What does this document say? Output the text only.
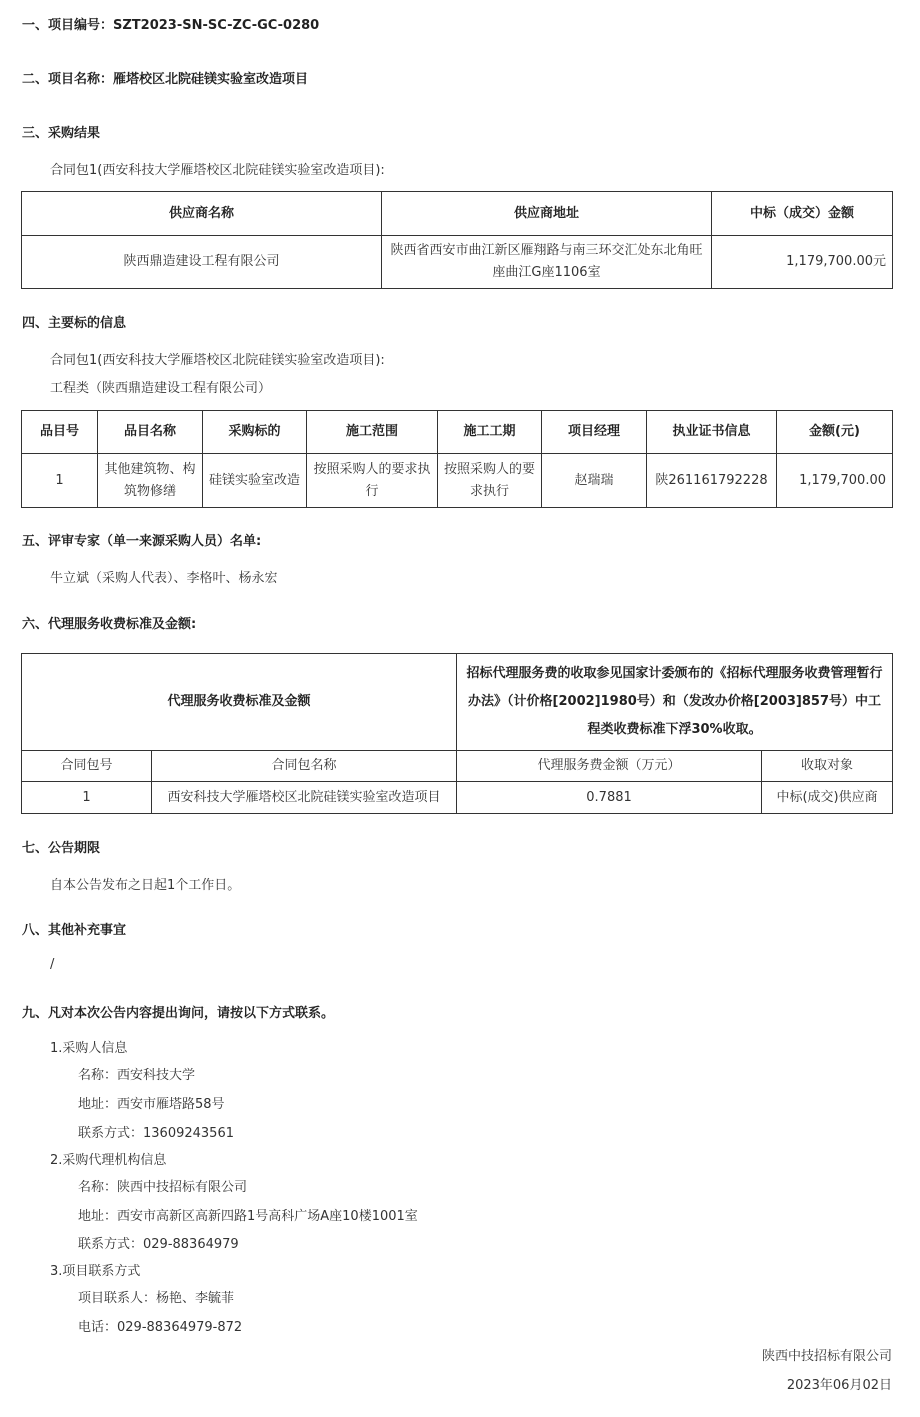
一、项目编号：SZT2023-SN-SC-ZC-GC-0280
二、项目名称：雁塔校区北院硅镁实验室改造项目
三、采购结果
合同包1(西安科技大学雁塔校区北院硅镁实验室改造项目):
供应商名称	供应商地址	中标（成交）金额
陕西鼎造建设工程有限公司	陕西省西安市曲江新区雁翔路与南三环交汇处东北角旺座曲江G座1106室	1,179,700.00元
四、主要标的信息
合同包1(西安科技大学雁塔校区北院硅镁实验室改造项目):
工程类（陕西鼎造建设工程有限公司）
品目号	品目名称	采购标的	施工范围	施工工期	项目经理	执业证书信息	金额(元)
1	其他建筑物、构筑物修缮	硅镁实验室改造	按照采购人的要求执行	按照采购人的要求执行	赵瑞瑞	陕261161792228	1,179,700.00
五、评审专家（单一来源采购人员）名单:
牛立斌（采购人代表）、李格叶、杨永宏
六、代理服务收费标准及金额:
代理服务收费标准及金额		招标代理服务费的收取参见国家计委颁布的《招标代理服务收费管理暂行办法》（计价格[2002]1980号）和（发改办价格[2003]857号）中工程类收费标准下浮30%收取。	
合同包号	合同包名称	代理服务费金额（万元）	收取对象
1	西安科技大学雁塔校区北院硅镁实验室改造项目	0.7881	中标(成交)供应商
七、公告期限
自本公告发布之日起1个工作日。
八、其他补充事宜
/
九、凡对本次公告内容提出询问，请按以下方式联系。
1.采购人信息
名称：西安科技大学
地址：西安市雁塔路58号
联系方式：13609243561
2.采购代理机构信息
名称：陕西中技招标有限公司
地址：西安市高新区高新四路1号高科广场A座10楼1001室
联系方式：029-88364979
3.项目联系方式
项目联系人：杨艳、李毓菲
电话：029-88364979-872
陕西中技招标有限公司
2023年06月02日
